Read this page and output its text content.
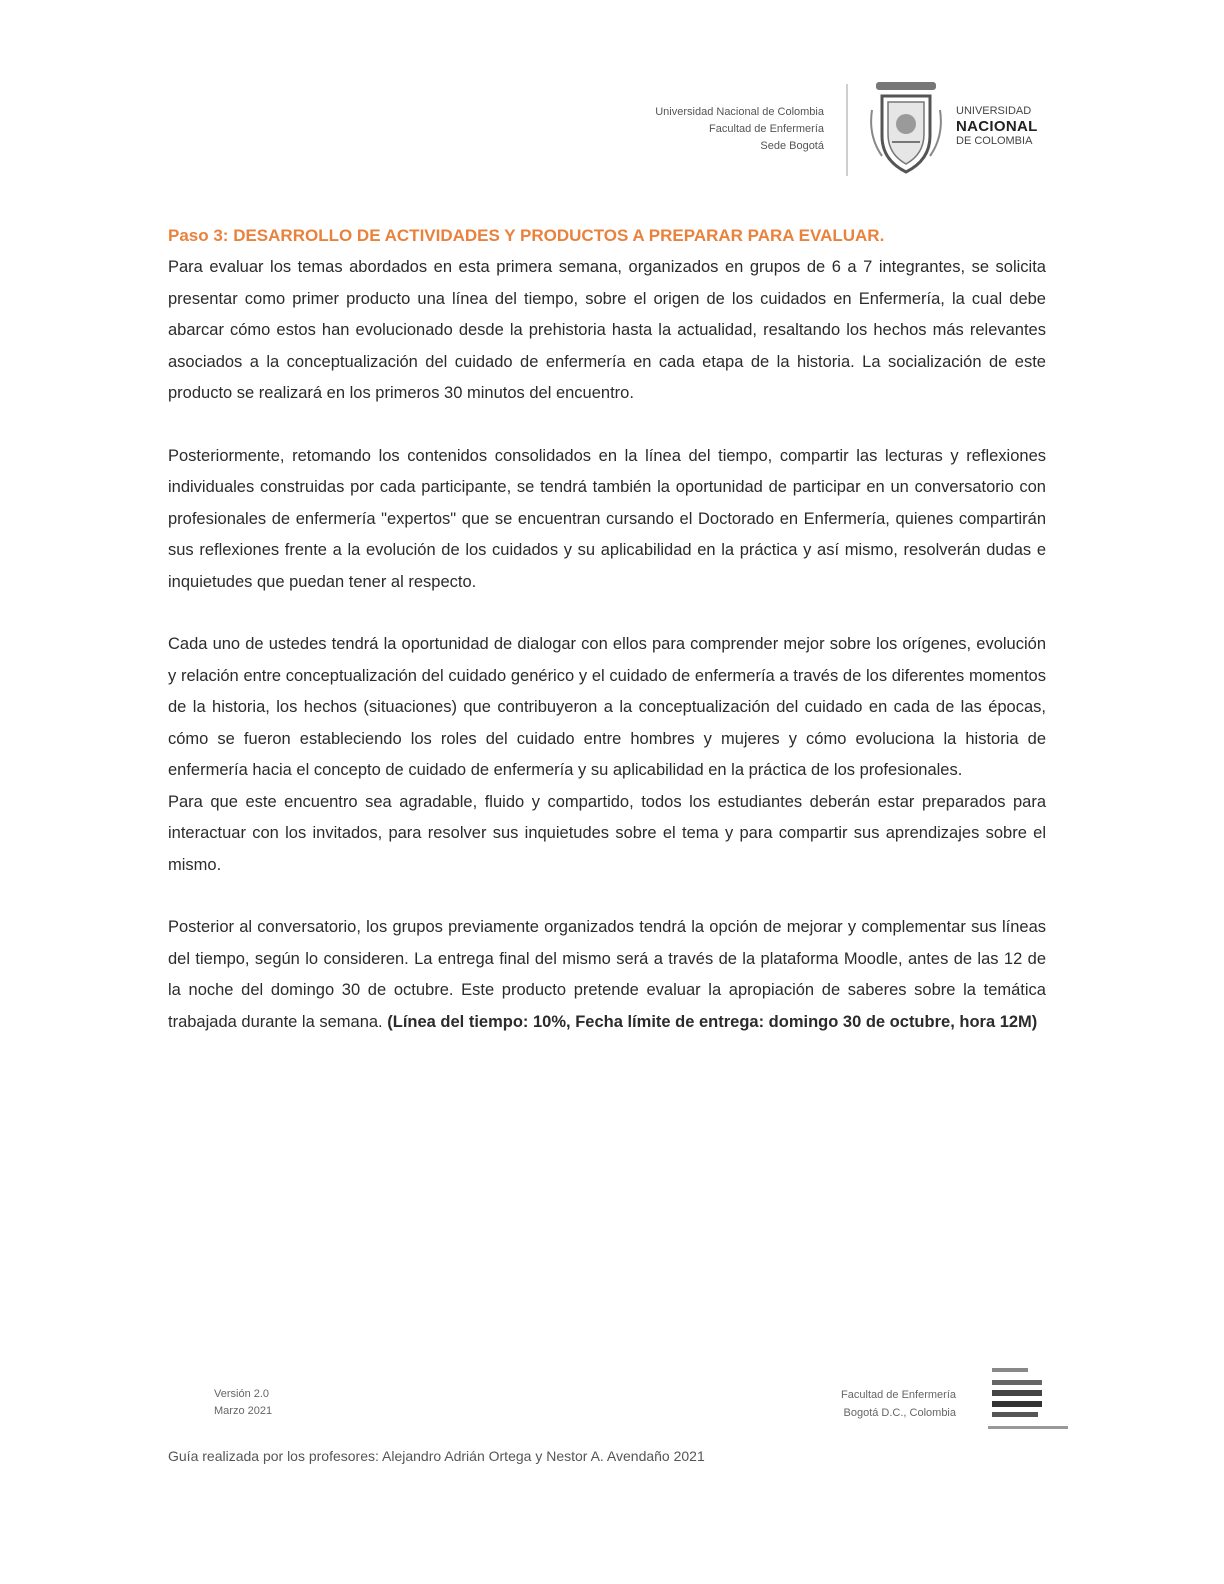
Universidad Nacional de Colombia
Facultad de Enfermería
Sede Bogotá
UNIVERSIDAD
NACIONAL
DE COLOMBIA
Paso 3: DESARROLLO DE ACTIVIDADES Y PRODUCTOS A PREPARAR PARA EVALUAR.

Para evaluar los temas abordados en esta primera semana, organizados en grupos de 6 a 7 integrantes, se solicita presentar como primer producto una línea del tiempo, sobre el origen de los cuidados en Enfermería, la cual debe abarcar cómo estos han evolucionado desde la prehistoria hasta la actualidad, resaltando los hechos más relevantes asociados a la conceptualización del cuidado de enfermería en cada etapa de la historia. La socialización de este producto se realizará en los primeros 30 minutos del encuentro.

Posteriormente, retomando los contenidos consolidados en la línea del tiempo, compartir las lecturas y reflexiones individuales construidas por cada participante, se tendrá también la oportunidad de participar en un conversatorio con profesionales de enfermería "expertos" que se encuentran cursando el Doctorado en Enfermería, quienes compartirán sus reflexiones frente a la evolución de los cuidados y su aplicabilidad en la práctica y así mismo, resolverán dudas e inquietudes que puedan tener al respecto.

Cada uno de ustedes tendrá la oportunidad de dialogar con ellos para comprender mejor sobre los orígenes, evolución y relación entre conceptualización del cuidado genérico y el cuidado de enfermería a través de los diferentes momentos de la historia, los hechos (situaciones) que contribuyeron a la conceptualización del cuidado en cada de las épocas, cómo se fueron estableciendo los roles del cuidado entre hombres y mujeres y cómo evoluciona la historia de enfermería hacia el concepto de cuidado de enfermería y su aplicabilidad en la práctica de los profesionales.

Para que este encuentro sea agradable, fluido y compartido, todos los estudiantes deberán estar preparados para interactuar con los invitados, para resolver sus inquietudes sobre el tema y para compartir sus aprendizajes sobre el mismo.

Posterior al conversatorio, los grupos previamente organizados tendrá la opción de mejorar y complementar sus líneas del tiempo, según lo consideren. La entrega final del mismo será a través de la plataforma Moodle, antes de las 12 de la noche del domingo 30 de octubre. Este producto pretende evaluar la apropiación de saberes sobre la temática trabajada durante la semana. (Línea del tiempo: 10%, Fecha límite de entrega: domingo 30 de octubre, hora 12M)

Versión 2.0
Marzo 2021
Facultad de Enfermería
Bogotá D.C., Colombia
Guía realizada por los profesores: Alejandro Adrián Ortega y Nestor A. Avendaño 2021
